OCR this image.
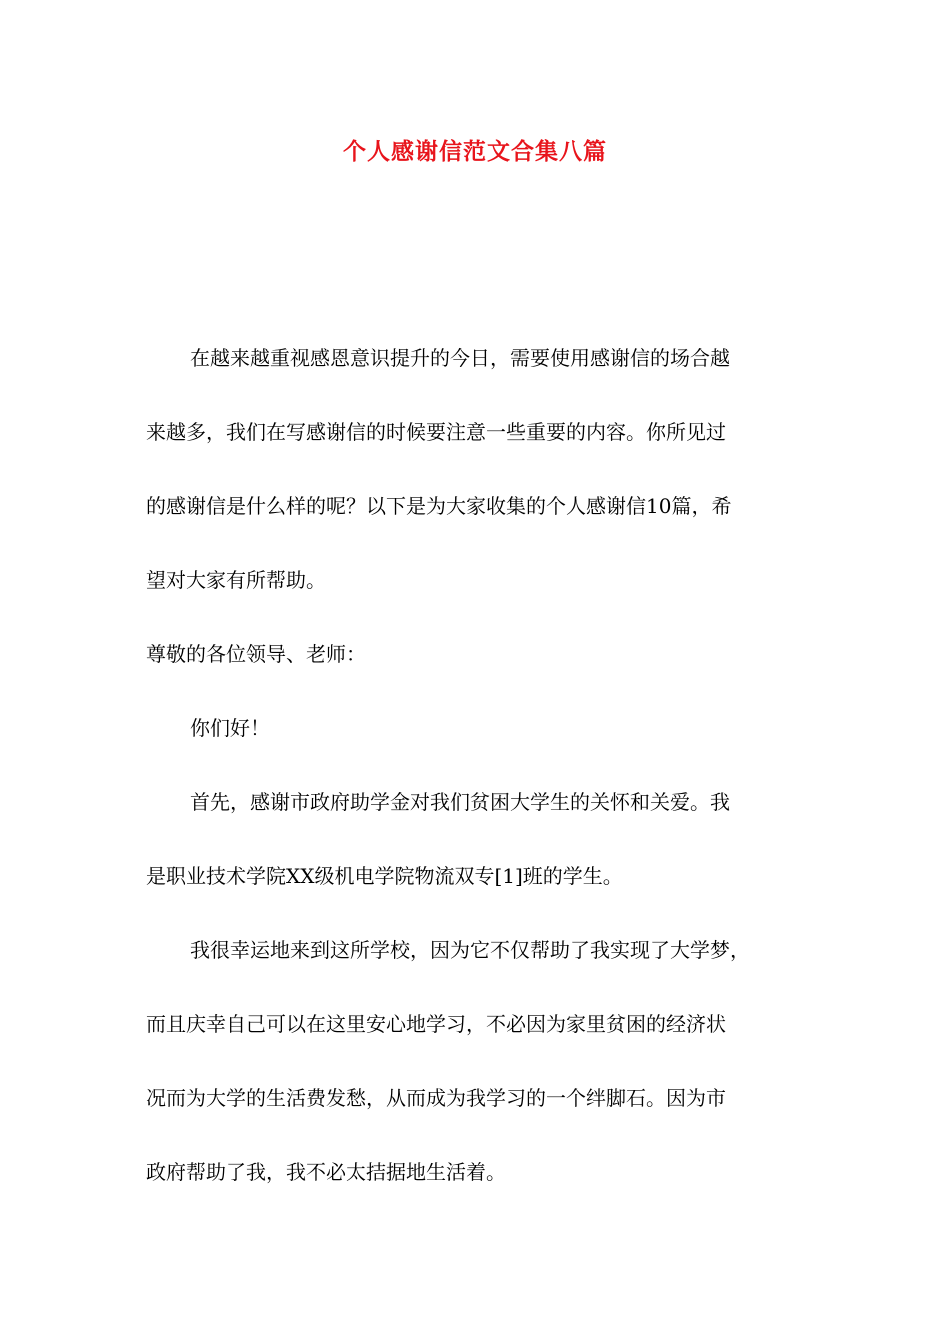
个人感谢信范文合集八篇
在越来越重视感恩意识提升的今日，需要使用感谢信的场合越
来越多，我们在写感谢信的时候要注意一些重要的内容。你所见过
的感谢信是什么样的呢？以下是为大家收集的个人感谢信10篇，希
望对大家有所帮助。
尊敬的各位领导、老师：
你们好！
首先，感谢市政府助学金对我们贫困大学生的关怀和关爱。我
是职业技术学院XX级机电学院物流双专[1]班的学生。
我很幸运地来到这所学校，因为它不仅帮助了我实现了大学梦，
而且庆幸自己可以在这里安心地学习，不必因为家里贫困的经济状
况而为大学的生活费发愁，从而成为我学习的一个绊脚石。因为市
政府帮助了我，我不必太拮据地生活着。
